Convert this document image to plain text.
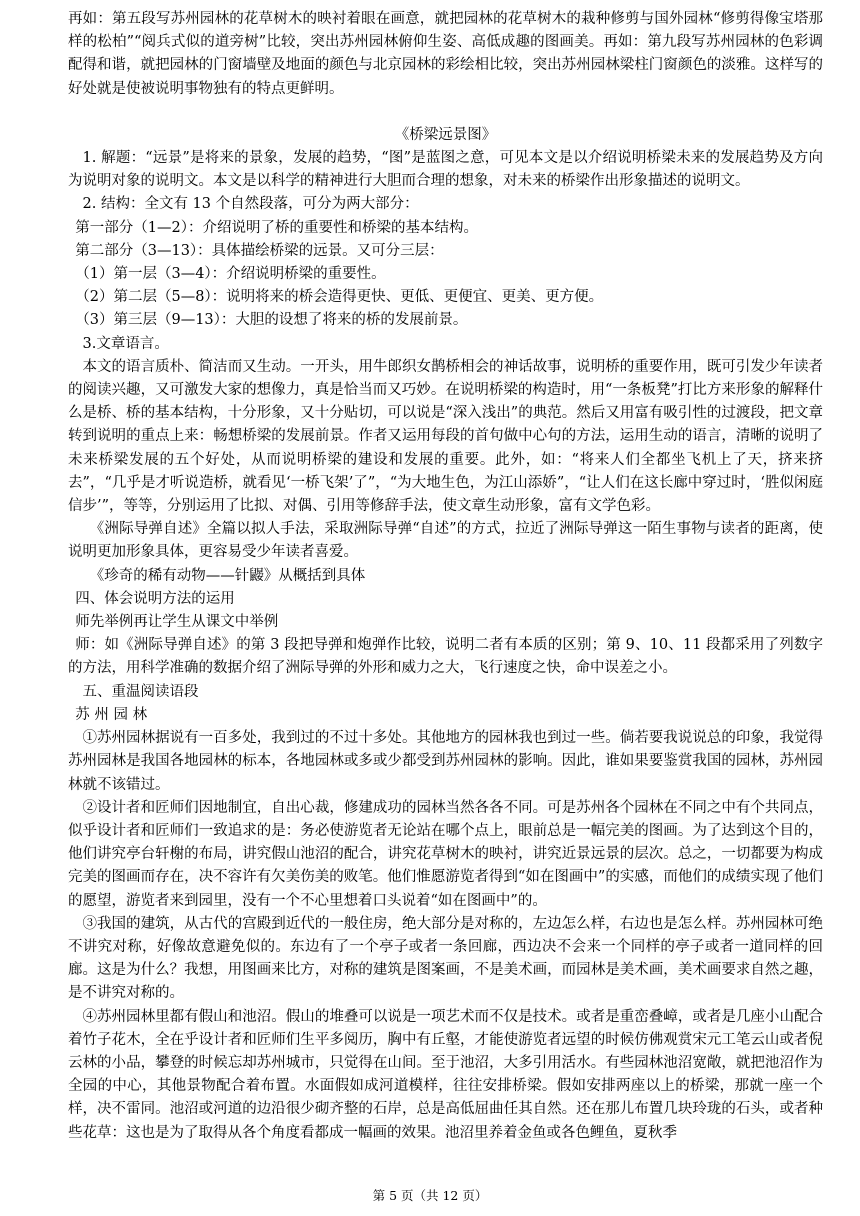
再如：第五段写苏州园林的花草树木的映衬着眼在画意，就把园林的花草树木的栽种修剪与国外园林“修剪得像宝塔那样的松柏”“阅兵式似的道旁树”比较，突出苏州园林俯仰生姿、高低成趣的图画美。再如：第九段写苏州园林的色彩调配得和谐，就把园林的门窗墙壁及地面的颜色与北京园林的彩绘相比较，突出苏州园林梁柱门窗颜色的淡雅。这样写的好处就是使被说明事物独有的特点更鲜明。

《桥梁远景图》

1. 解题：“远景”是将来的景象，发展的趋势，“图”是蓝图之意，可见本文是以介绍说明桥梁未来的发展趋势及方向为说明对象的说明文。本文是以科学的精神进行大胆而合理的想象，对未来的桥梁作出形象描述的说明文。

2. 结构：全文有 13 个自然段落，可分为两大部分：

第一部分（1—2）：介绍说明了桥的重要性和桥梁的基本结构。

第二部分（3—13）：具体描绘桥梁的远景。又可分三层：

（1）第一层（3—4）：介绍说明桥梁的重要性。

（2）第二层（5—8）：说明将来的桥会造得更快、更低、更便宜、更美、更方便。

（3）第三层（9—13）：大胆的设想了将来的桥的发展前景。

3.文章语言。

本文的语言质朴、简洁而又生动。一开头，用牛郎织女鹊桥相会的神话故事，说明桥的重要作用，既可引发少年读者的阅读兴趣，又可激发大家的想像力，真是恰当而又巧妙。在说明桥梁的构造时，用“一条板凳”打比方来形象的解释什么是桥、桥的基本结构，十分形象，又十分贴切，可以说是“深入浅出”的典范。然后又用富有吸引性的过渡段，把文章转到说明的重点上来：畅想桥梁的发展前景。作者又运用每段的首句做中心句的方法，运用生动的语言，清晰的说明了未来桥梁发展的五个好处，从而说明桥梁的建设和发展的重要。此外，如：“将来人们全都坐飞机上了天，挤来挤去”，“几乎是才听说造桥，就看见‘一桥飞架’了”，“为大地生色，为江山添娇”，“让人们在这长廊中穿过时，‘胜似闲庭信步’”，等等，分别运用了比拟、对偶、引用等修辞手法，使文章生动形象，富有文学色彩。

《洲际导弹自述》全篇以拟人手法，采取洲际导弹“自述”的方式，拉近了洲际导弹这一陌生事物与读者的距离，使说明更加形象具体，更容易受少年读者喜爱。

《珍奇的稀有动物——针鼹》从概括到具体

四、体会说明方法的运用

师先举例再让学生从课文中举例

师：如《洲际导弹自述》的第 3 段把导弹和炮弹作比较，说明二者有本质的区别；第 9、10、11 段都采用了列数字的方法，用科学准确的数据介绍了洲际导弹的外形和威力之大，飞行速度之快，命中误差之小。

五、重温阅读语段

苏 州 园 林

①苏州园林据说有一百多处，我到过的不过十多处。其他地方的园林我也到过一些。倘若要我说说总的印象，我觉得苏州园林是我国各地园林的标本，各地园林或多或少都受到苏州园林的影响。因此，谁如果要鉴赏我国的园林，苏州园林就不该错过。

②设计者和匠师们因地制宜，自出心裁，修建成功的园林当然各各不同。可是苏州各个园林在不同之中有个共同点，似乎设计者和匠师们一致追求的是：务必使游览者无论站在哪个点上，眼前总是一幅完美的图画。为了达到这个目的，他们讲究亭台轩榭的布局，讲究假山池沼的配合，讲究花草树木的映衬，讲究近景远景的层次。总之，一切都要为构成完美的图画而存在，决不容许有欠美伤美的败笔。他们惟愿游览者得到“如在图画中”的实感，而他们的成绩实现了他们的愿望，游览者来到园里，没有一个不心里想着口头说着“如在图画中”的。

③我国的建筑，从古代的宫殿到近代的一般住房，绝大部分是对称的，左边怎么样，右边也是怎么样。苏州园林可绝不讲究对称，好像故意避免似的。东边有了一个亭子或者一条回廊，西边决不会来一个同样的亭子或者一道同样的回廊。这是为什么？我想，用图画来比方，对称的建筑是图案画，不是美术画，而园林是美术画，美术画要求自然之趣，是不讲究对称的。

④苏州园林里都有假山和池沼。假山的堆叠可以说是一项艺术而不仅是技术。或者是重峦叠嶂，或者是几座小山配合着竹子花木，全在乎设计者和匠师们生平多阅历，胸中有丘壑，才能使游览者远望的时候仿佛观赏宋元工笔云山或者倪云林的小品，攀登的时候忘却苏州城市，只觉得在山间。至于池沼，大多引用活水。有些园林池沼宽敞，就把池沼作为全园的中心，其他景物配合着布置。水面假如成河道模样，往往安排桥梁。假如安排两座以上的桥梁，那就一座一个样，决不雷同。池沼或河道的边沿很少砌齐整的石岸，总是高低屈曲任其自然。还在那儿布置几块玲珑的石头，或者种些花草：这也是为了取得从各个角度看都成一幅画的效果。池沼里养着金鱼或各色鲤鱼，夏秋季

第 5 页（共 12 页）
